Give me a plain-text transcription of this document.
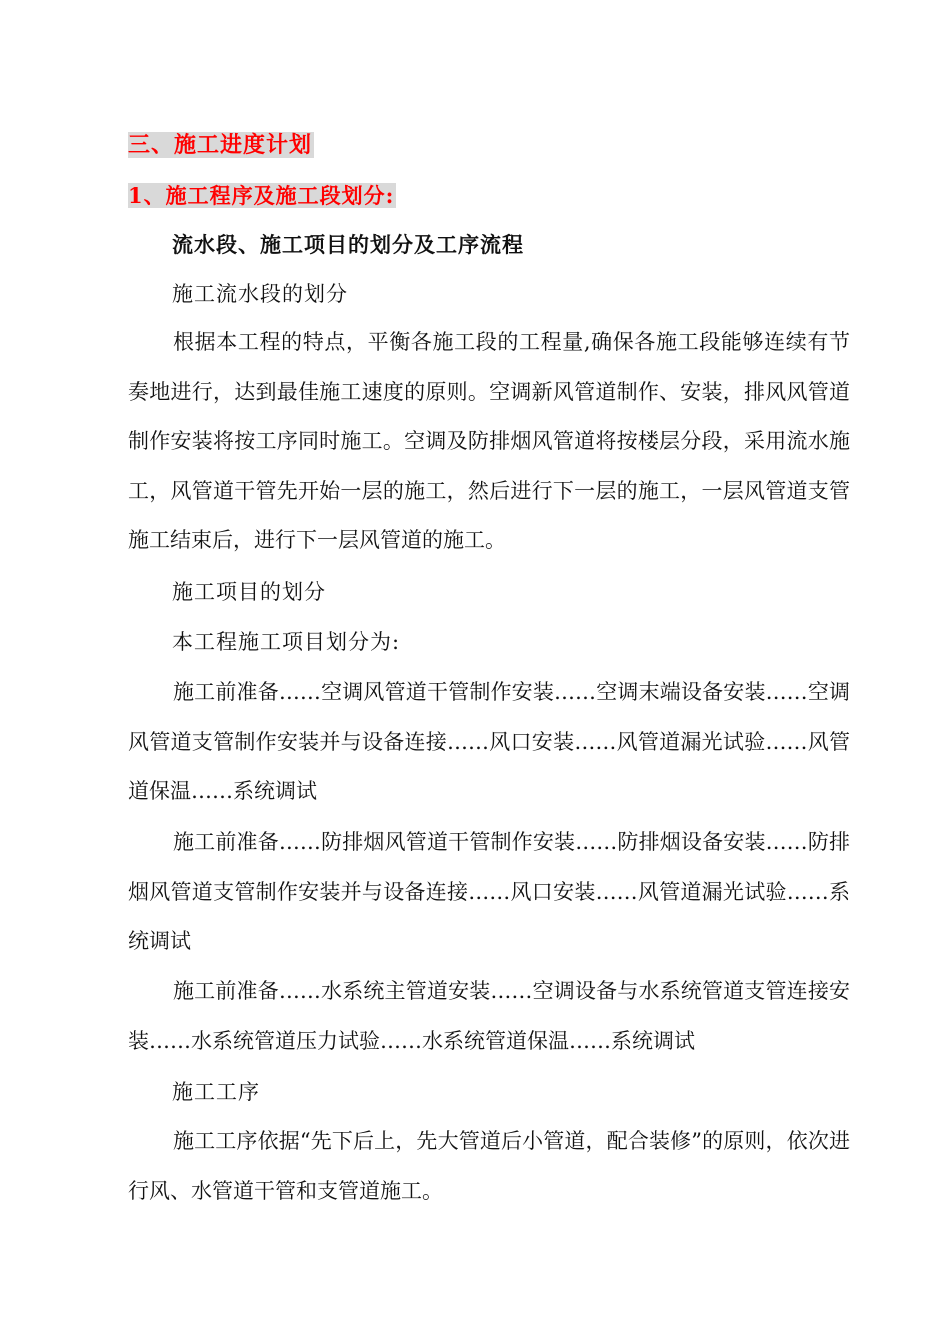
三、施工进度计划
1、施工程序及施工段划分:
流水段、施工项目的划分及工序流程
施工流水段的划分
根据本工程的特点，平衡各施工段的工程量,确保各施工段能够连续有节奏地进行，达到最佳施工速度的原则。空调新风管道制作、安装，排风风管道制作安装将按工序同时施工。空调及防排烟风管道将按楼层分段，采用流水施工，风管道干管先开始一层的施工，然后进行下一层的施工，一层风管道支管施工结束后，进行下一层风管道的施工。
施工项目的划分
本工程施工项目划分为:
施工前准备……空调风管道干管制作安装……空调末端设备安装……空调风管道支管制作安装并与设备连接……风口安装……风管道漏光试验……风管道保温……系统调试
施工前准备……防排烟风管道干管制作安装……防排烟设备安装……防排烟风管道支管制作安装并与设备连接……风口安装……风管道漏光试验……系统调试
施工前准备……水系统主管道安装……空调设备与水系统管道支管连接安装……水系统管道压力试验……水系统管道保温……系统调试
施工工序
施工工序依据“先下后上，先大管道后小管道，配合装修”的原则，依次进行风、水管道干管和支管道施工。
